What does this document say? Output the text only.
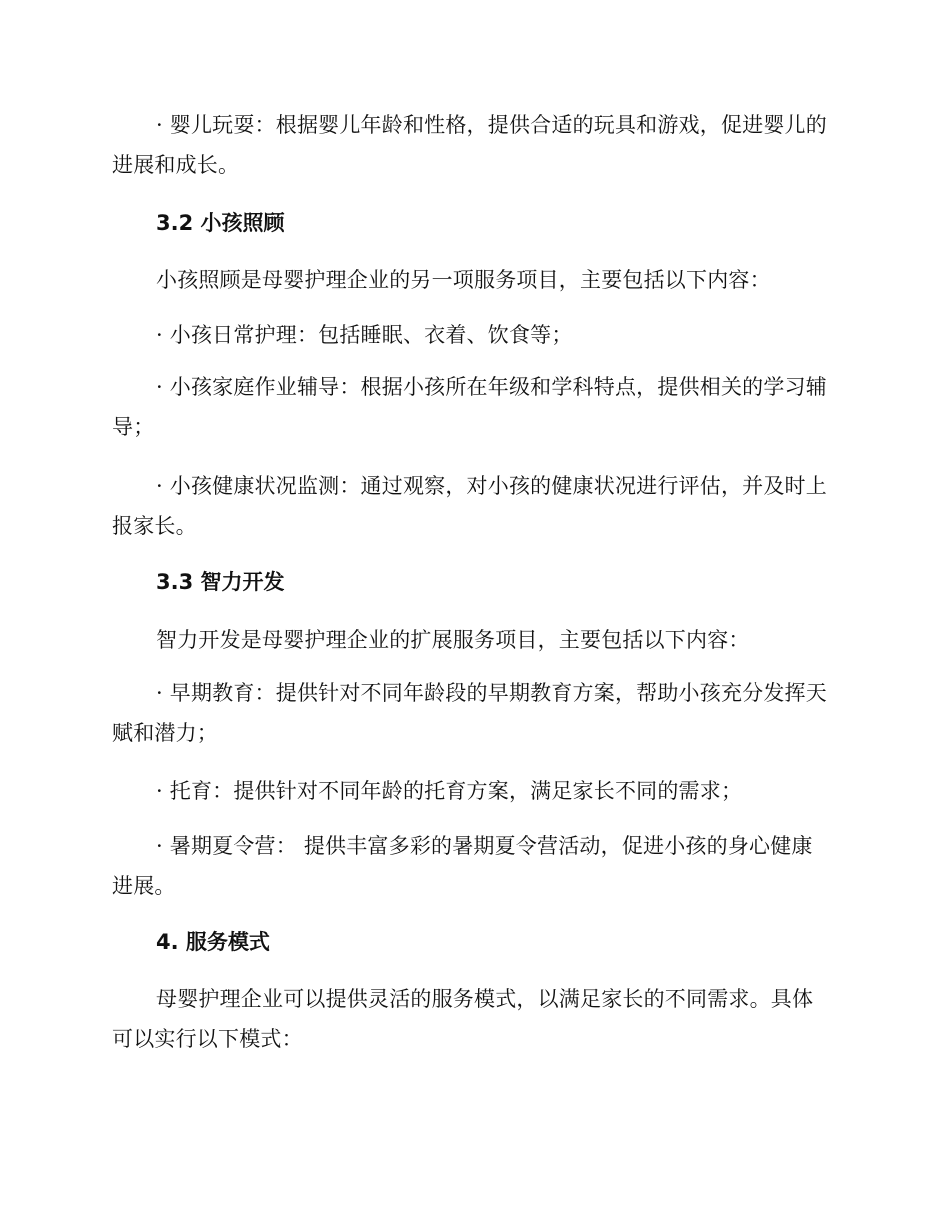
· 婴儿玩耍：根据婴儿年龄和性格，提供合适的玩具和游戏，促进婴儿的进展和成长。

3.2 小孩照顾

小孩照顾是母婴护理企业的另一项服务项目，主要包括以下内容：

· 小孩日常护理：包括睡眠、衣着、饮食等；

· 小孩家庭作业辅导：根据小孩所在年级和学科特点，提供相关的学习辅导；

· 小孩健康状况监测：通过观察，对小孩的健康状况进行评估，并及时上报家长。

3.3 智力开发

智力开发是母婴护理企业的扩展服务项目，主要包括以下内容：

· 早期教育：提供针对不同年龄段的早期教育方案，帮助小孩充分发挥天赋和潜力；

· 托育：提供针对不同年龄的托育方案，满足家长不同的需求；

· 暑期夏令营： 提供丰富多彩的暑期夏令营活动，促进小孩的身心健康进展。

4. 服务模式

母婴护理企业可以提供灵活的服务模式，以满足家长的不同需求。具体可以实行以下模式：
